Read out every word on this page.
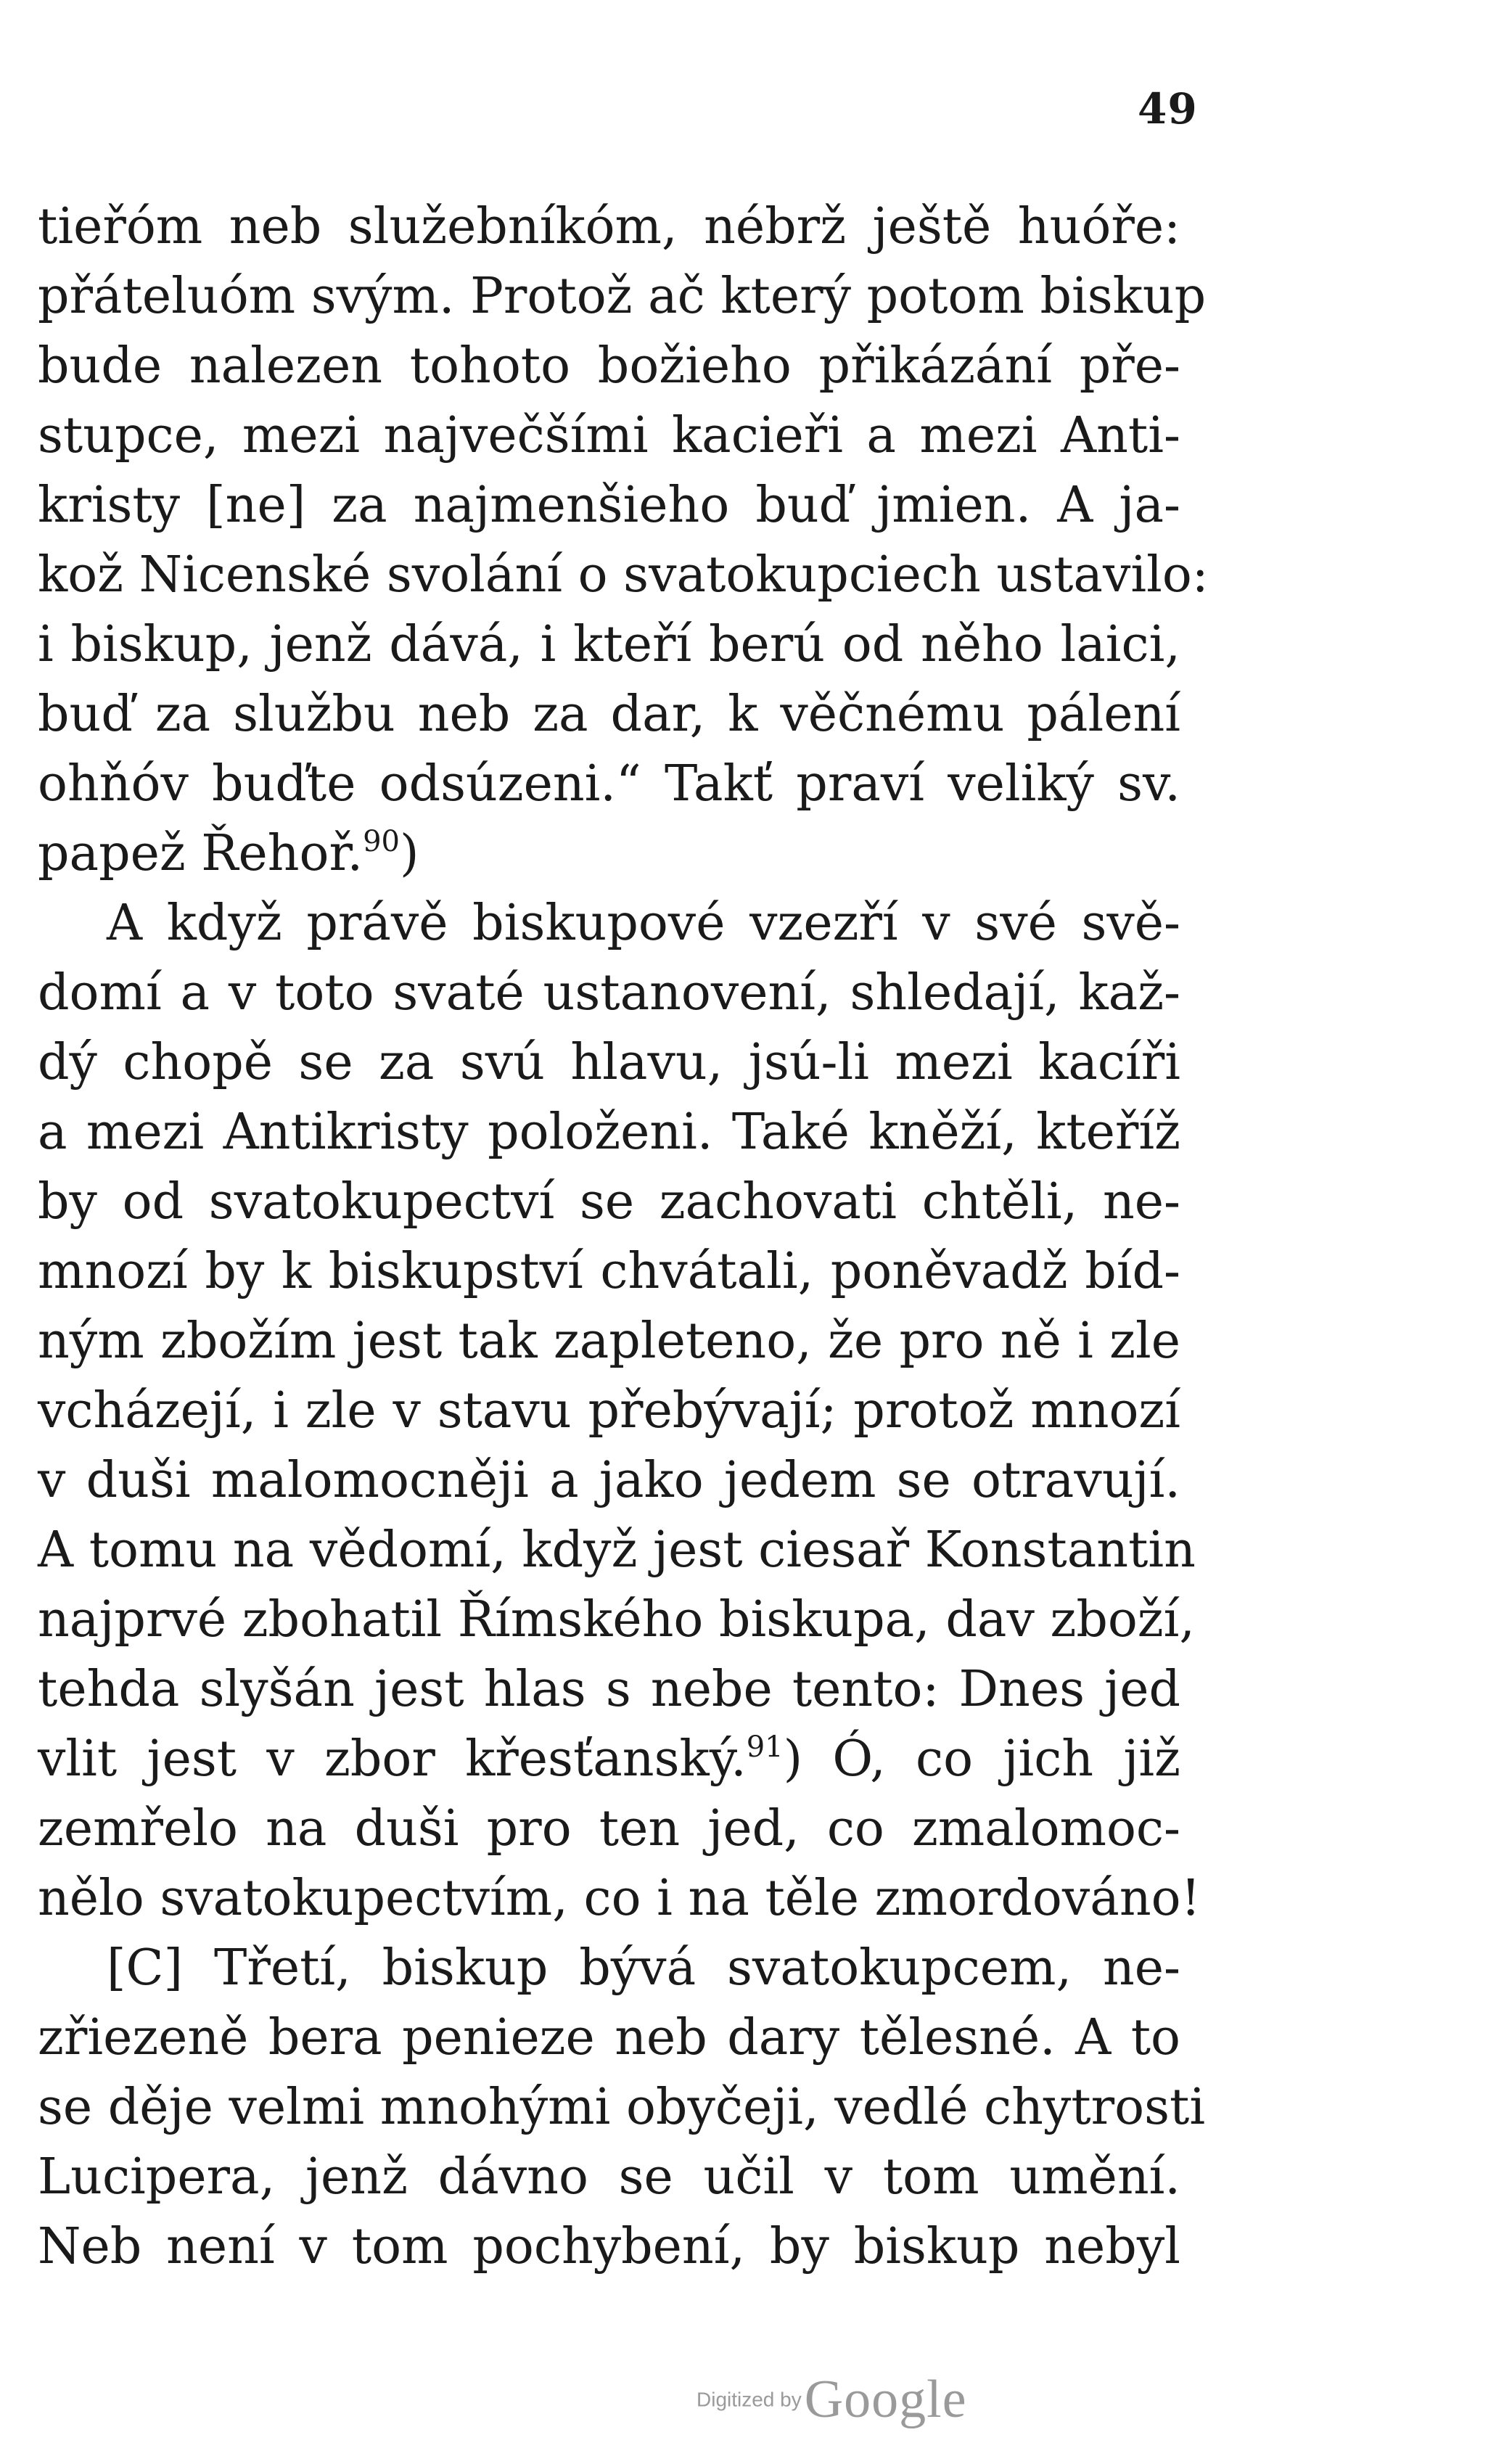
49
tieřóm neb služebníkóm, nébrž ještě huóře:
přáteluóm svým. Protož ač který potom biskup
bude nalezen tohoto božieho přikázání pře-
stupce, mezi največšími kacieři a mezi Anti-
kristy [ne] za najmenšieho buď jmien. A ja-
kož Nicenské svolání o svatokupciech ustavilo:
i biskup, jenž dává, i kteří berú od něho laici,
buď za službu neb za dar, k věčnému pálení
ohňóv buďte odsúzeni.“ Takť praví veliký sv.
papež Řehoř.$^{90}$)
A když právě biskupové vzezří v své svě-
domí a v toto svaté ustanovení, shledají, kaž-
dý chopě se za svú hlavu, jsú-li mezi kacíři
a mezi Antikristy položeni. Také kněží, kteříž
by od svatokupectví se zachovati chtěli, ne-
mnozí by k biskupství chvátali, poněvadž bíd-
ným zbožím jest tak zapleteno, že pro ně i zle
vcházejí, i zle v stavu přebývají; protož mnozí
v duši malomocněji a jako jedem se otravují.
A tomu na vědomí, když jest ciesař Konstantin
najprvé zbohatil Římského biskupa, dav zboží,
tehda slyšán jest hlas s nebe tento: Dnes jed
vlit jest v zbor křesťanský.$^{91}$) Ó, co jich již
zemřelo na duši pro ten jed, co zmalomoc-
nělo svatokupectvím, co i na těle zmordováno!
[C] Třetí, biskup bývá svatokupcem, ne-
zřiezeně bera penieze neb dary tělesné. A to
se děje velmi mnohými obyčeji, vedlé chytrosti
Lucipera, jenž dávno se učil v tom umění.
Neb není v tom pochybení, by biskup nebyl
Digitized by Google
